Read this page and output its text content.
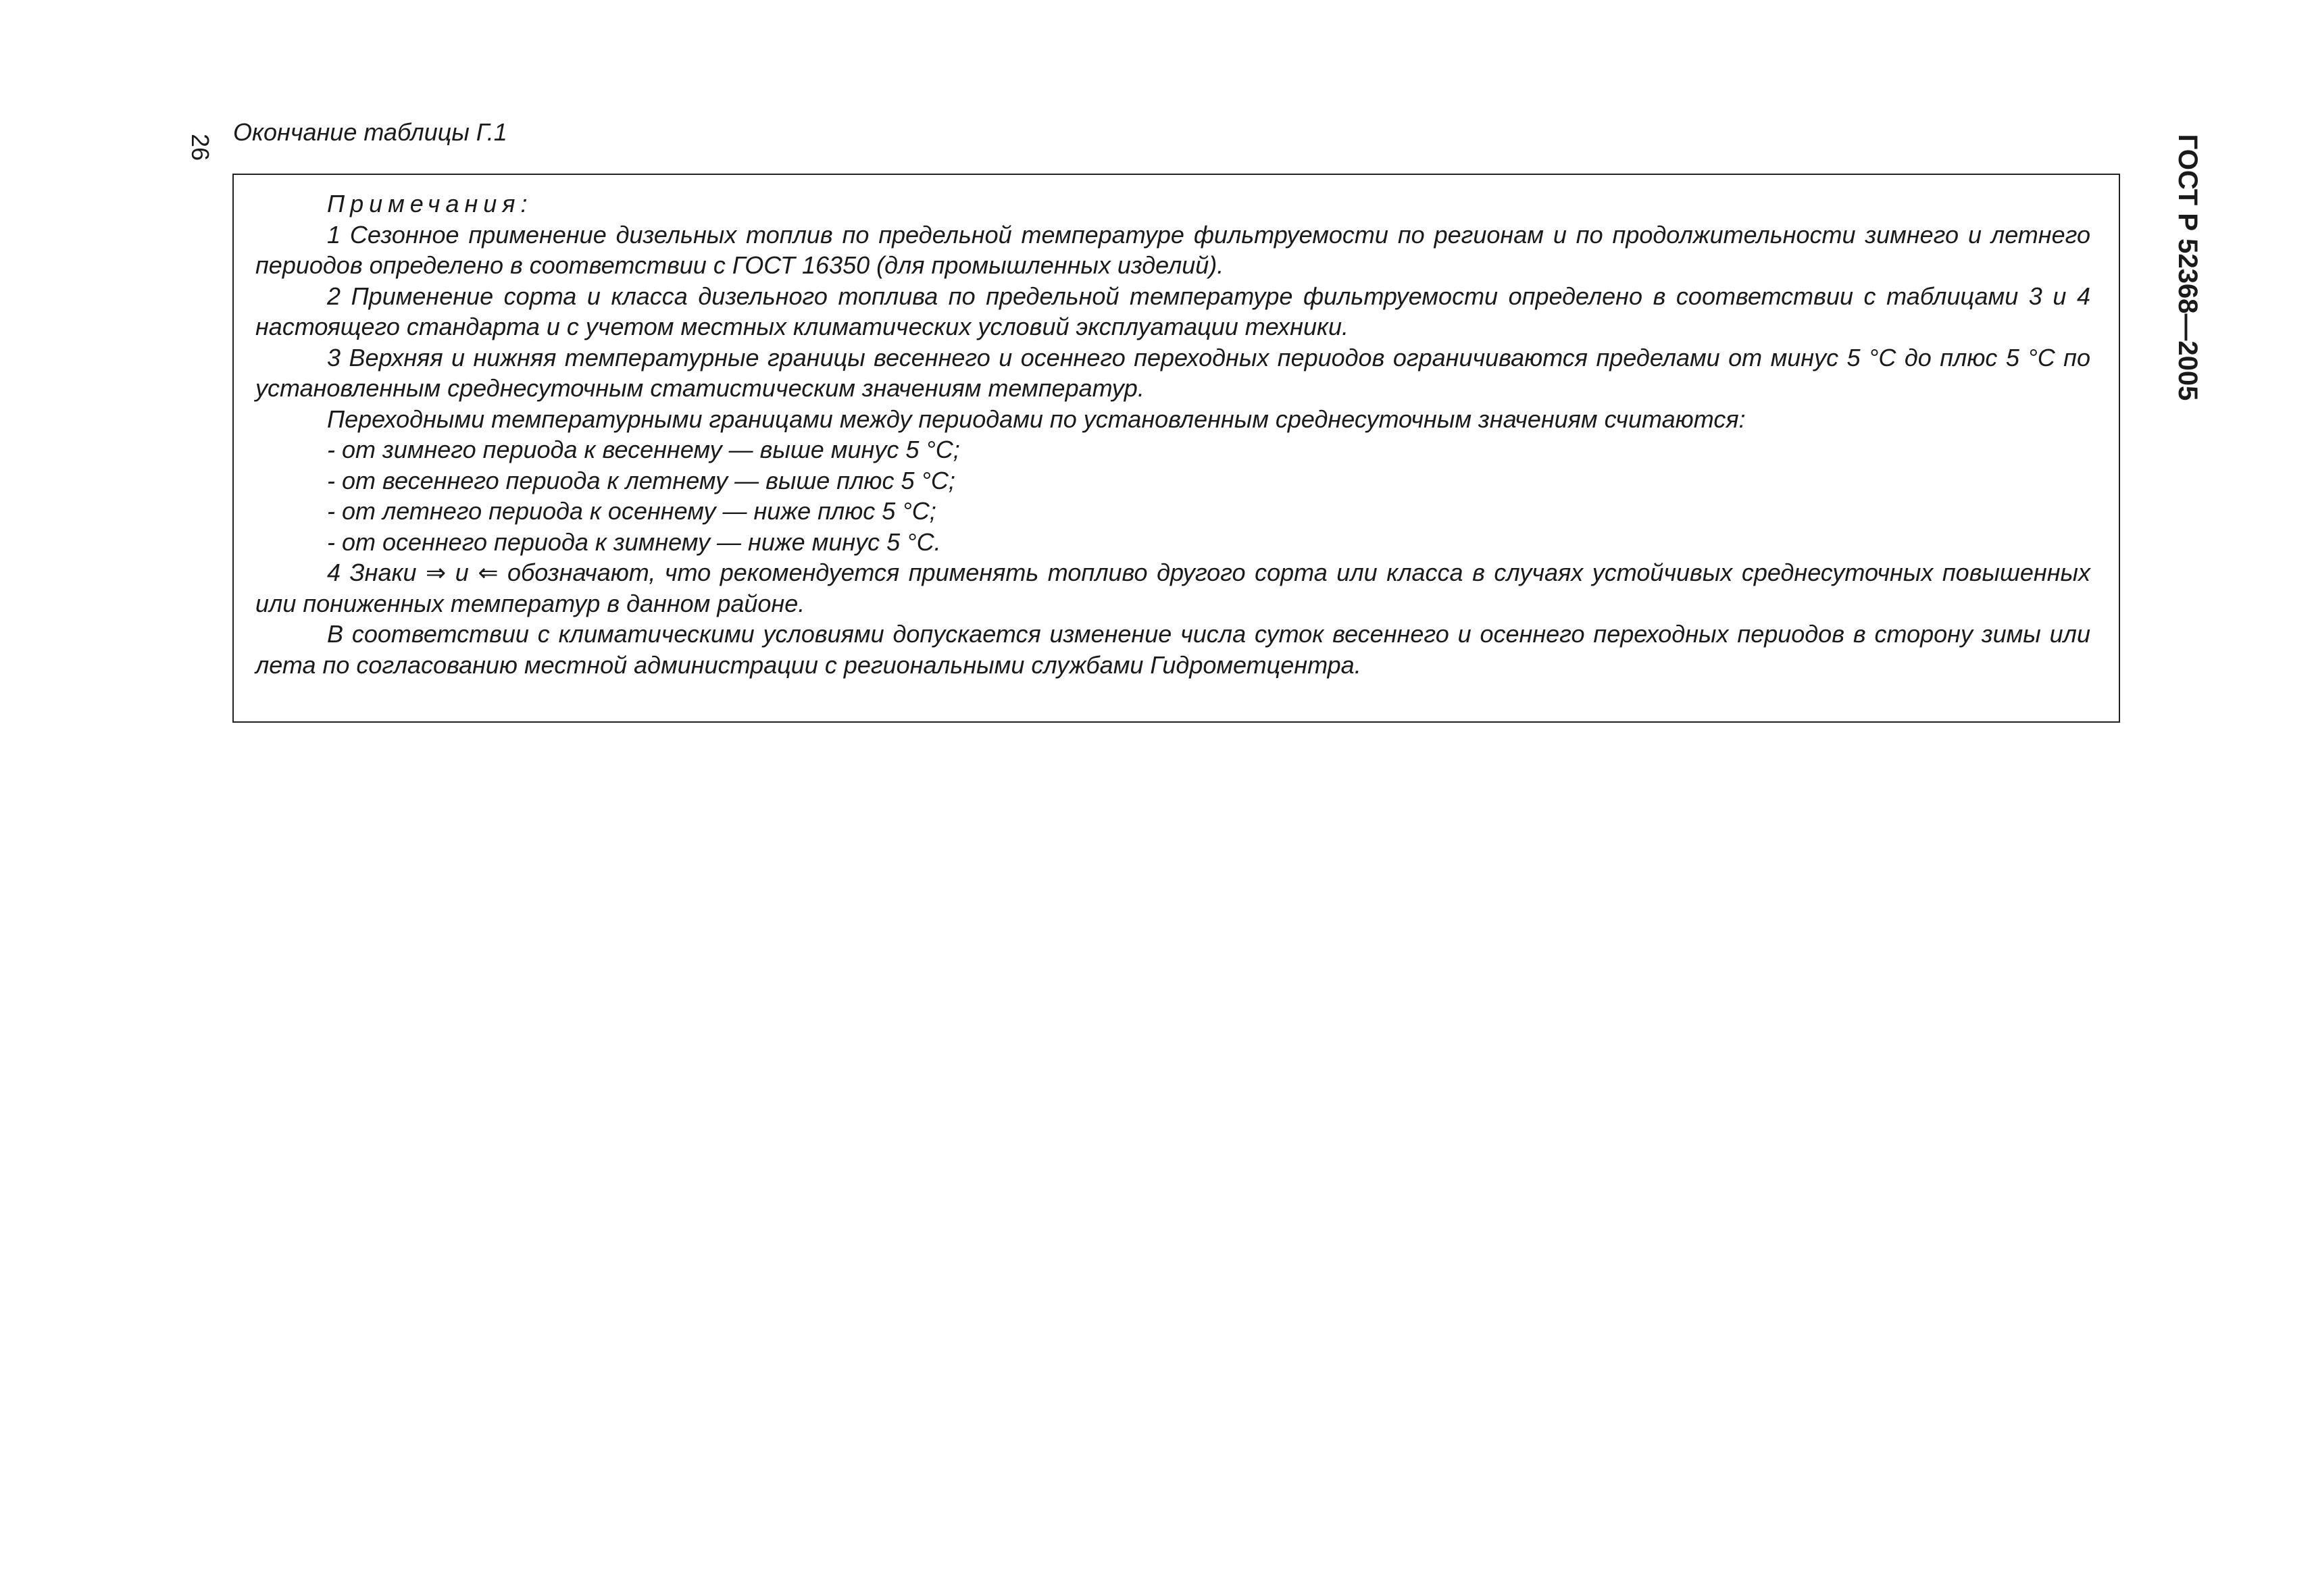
26
Окончание таблицы Г.1
ГОСТ Р 52368—2005

Примечания:

1 Сезонное применение дизельных топлив по предельной температуре фильтруемости по регионам и по продолжительности зимнего и летнего периодов определено в соответствии с ГОСТ 16350 (для промышленных изделий).

2 Применение сорта и класса дизельного топлива по предельной температуре фильтруемости определено в соответствии с таблицами 3 и 4 настоящего стандарта и с учетом местных климатических условий эксплуатации техники.

3 Верхняя и нижняя температурные границы весеннего и осеннего переходных периодов ограничиваются пределами от минус 5 °С до плюс 5 °С по установленным среднесуточным статистическим значениям температур.

Переходными температурными границами между периодами по установленным среднесуточным значениям считаются:

- от зимнего периода к весеннему — выше минус 5 °С;

- от весеннего периода к летнему — выше плюс 5 °С;

- от летнего периода к осеннему — ниже плюс 5 °С;

- от осеннего периода к зимнему — ниже минус 5 °С.

4 Знаки ⇒ и ⇐ обозначают, что рекомендуется применять топливо другого сорта или класса в случаях устойчивых среднесуточных повышенных или пониженных температур в данном районе.

В соответствии с климатическими условиями допускается изменение числа суток весеннего и осеннего переходных периодов в сторону зимы или лета по согласованию местной администрации с региональными службами Гидрометцентра.
